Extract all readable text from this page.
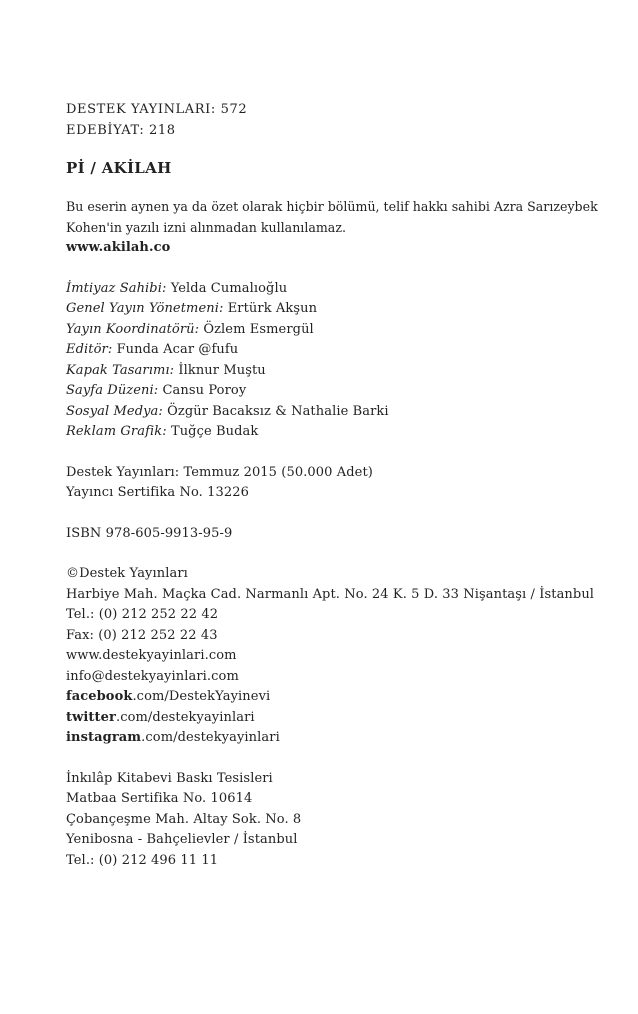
DESTEK YAYINLARI: 572
EDEBİYAT: 218
Pİ / AKİLAH
Bu eserin aynen ya da özet olarak hiçbir bölümü, telif hakkı sahibi Azra Sarızeybek
Kohen'in yazılı izni alınmadan kullanılamaz.
www.akilah.co
İmtiyaz Sahibi: Yelda Cumalıoğlu
Genel Yayın Yönetmeni: Ertürk Akşun
Yayın Koordinatörü: Özlem Esmergül
Editör: Funda Acar @fufu
Kapak Tasarımı: İlknur Muştu
Sayfa Düzeni: Cansu Poroy
Sosyal Medya: Özgür Bacaksız & Nathalie Barki
Reklam Grafik: Tuğçe Budak
Destek Yayınları: Temmuz 2015 (50.000 Adet)
Yayıncı Sertifika No. 13226
ISBN 978-605-9913-95-9
©Destek Yayınları
Harbiye Mah. Maçka Cad. Narmanlı Apt. No. 24 K. 5 D. 33 Nişantaşı / İstanbul
Tel.: (0) 212 252 22 42
Fax: (0) 212 252 22 43
www.destekyayinlari.com
info@destekyayinlari.com
facebook.com/DestekYayinevi
twitter.com/destekyayinlari
instagram.com/destekyayinlari
İnkılâp Kitabevi Baskı Tesisleri
Matbaa Sertifika No. 10614
Çobançeşme Mah. Altay Sok. No. 8
Yenibosna - Bahçelievler / İstanbul
Tel.: (0) 212 496 11 11
